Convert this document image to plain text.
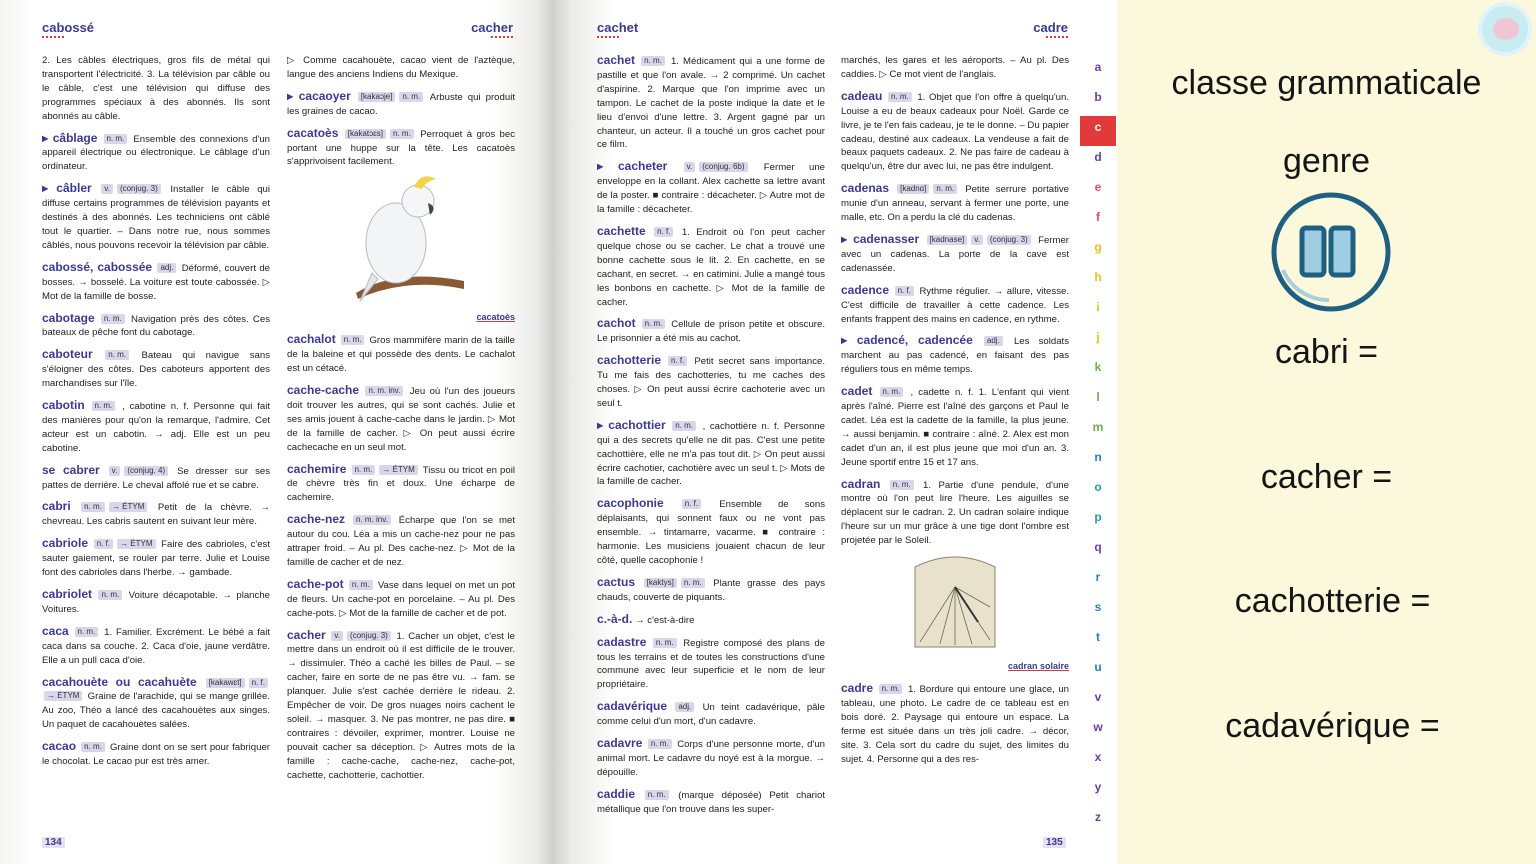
cabossé	cacher	cachet	cadre
2. Les câbles électriques, gros fils de métal qui transportent l'électricité. 3. La télévision par câble ou le câble, c'est une télévision qui diffuse des programmes spéciaux à des abonnés. Ils sont abonnés au câble.
▸ câblage n. m. Ensemble des connexions d'un appareil électrique ou électronique. Le câblage d'un ordinateur.
▸ câbler v. (conjug. 3) Installer le câble qui diffuse certains programmes de télévision payants et destinés à des abonnés. Les techniciens ont câblé tout le quartier. – Dans notre rue, nous sommes câblés, nous pouvons recevoir la télévision par câble.
cabossé, cabossée adj. Déformé, couvert de bosses. → bosselé. La voiture est toute cabossée. ▷ Mot de la famille de bosse.
cabotage n. m. Navigation près des côtes. Ces bateaux de pêche font du cabotage.
caboteur n. m. Bateau qui navigue sans s'éloigner des côtes. Des caboteurs apportent des marchandises sur l'île.
cabotin n. m. , cabotine n. f. Personne qui fait des manières pour qu'on la remarque, l'admire. Cet acteur est un cabotin. → adj. Elle est un peu cabotine.
se cabrer v. (conjug. 4) Se dresser sur ses pattes de derrière. Le cheval affolé rue et se cabre.
cabri n. m. → ÉTYM Petit de la chèvre. → chevreau. Les cabris sautent en suivant leur mère.
cabriole n. f. → ÉTYM Faire des cabrioles, c'est sauter gaiement, se rouler par terre. Julie et Louise font des cabrioles dans l'herbe. → gambade.
cabriolet n. m. Voiture décapotable. → planche Voitures.
caca n. m. 1. Familier. Excrément. Le bébé a fait caca dans sa couche. 2. Caca d'oie, jaune verdâtre. Elle a un pull caca d'oie.
cacahouète ou cacahuète [kakawɛt] n. f.→ ÉTYM Graine de l'arachide, qui se mange grillée. Au zoo, Théo a lancé des cacahouètes aux singes. Un paquet de cacahouètes salées.
cacao n. m. Graine dont on se sert pour fabriquer le chocolat. Le cacao pur est très amer.
▷ Comme cacahouète, cacao vient de l'aztèque, langue des anciens Indiens du Mexique.
▸ cacaoyer [kakaɔje] n. m. Arbuste qui produit les graines de cacao.
cacatoès [kakatɔɛs] n. m. Perroquet à gros bec portant une huppe sur la tête. Les cacatoès s'apprivoisent facilement.
cacatoès
cachalot n. m. Gros mammifère marin de la taille de la baleine et qui possède des dents. Le cachalot est un cétacé.
cache-cache n. m. inv. Jeu où l'un des joueurs doit trouver les autres, qui se sont cachés. Julie et ses amis jouent à cache-cache dans le jardin. ▷ Mot de la famille de cacher. ▷ On peut aussi écrire cachecache en un seul mot.
cachemire n. m. → ÉTYM Tissu ou tricot en poil de chèvre très fin et doux. Une écharpe de cachemire.
cache-nez n. m. inv. Écharpe que l'on se met autour du cou. Léa a mis un cache-nez pour ne pas attraper froid. – Au pl. Des cache-nez. ▷ Mot de la famille de cacher et de nez.
cache-pot n. m. Vase dans lequel on met un pot de fleurs. Un cache-pot en porcelaine. – Au pl. Des cache-pots. ▷ Mot de la famille de cacher et de pot.
cacher v. (conjug. 3) 1. Cacher un objet, c'est le mettre dans un endroit où il est difficile de le trouver. → dissimuler. Théo a caché les billes de Paul. – se cacher, faire en sorte de ne pas être vu. → fam. se planquer. Julie s'est cachée derrière le rideau. 2. Empêcher de voir. De gros nuages noirs cachent le soleil. → masquer. 3. Ne pas montrer, ne pas dire. ■ contraires : dévoiler, exprimer, montrer. Louise ne pouvait cacher sa déception. ▷ Autres mots de la famille : cache-cache, cache-nez, cache-pot, cachette, cachotterie, cachottier.
cachet n. m. 1. Médicament qui a une forme de pastille et que l'on avale. → 2 comprimé. Un cachet d'aspirine. 2. Marque que l'on imprime avec un tampon. Le cachet de la poste indique la date et le lieu d'envoi d'une lettre. 3. Argent gagné par un chanteur, un acteur. Il a touché un gros cachet pour ce film.
▸ cacheter v. (conjug. 6b) Fermer une enveloppe en la collant. Alex cachette sa lettre avant de la poster. ■ contraire : décacheter. ▷ Autre mot de la famille : décacheter.
cachette n. f. 1. Endroit où l'on peut cacher quelque chose ou se cacher. Le chat a trouvé une bonne cachette sous le lit. 2. En cachette, en se cachant, en secret. → en catimini. Julie a mangé tous les bonbons en cachette. ▷ Mot de la famille de cacher.
cachot n. m. Cellule de prison petite et obscure. Le prisonnier a été mis au cachot.
cachotterie n. f. Petit secret sans importance. Tu me fais des cachotteries, tu me caches des choses. ▷ On peut aussi écrire cachoterie avec un seul t.
▸ cachottier n. m. , cachottière n. f. Personne qui a des secrets qu'elle ne dit pas. C'est une petite cachottière, elle ne m'a pas tout dit. ▷ On peut aussi écrire cachotier, cachotière avec un seul t. ▷ Mots de la famille de cacher.
cacophonie	n. f. Ensemble de sons déplaisants, qui sonnent faux ou ne vont pas ensemble. → tintamarre, vacarme. ■ contraire : harmonie. Les musiciens jouaient chacun de leur côté, quelle cacophonie !
cactus [kaktys] n. m. Plante grasse des pays chauds, couverte de piquants.
c.-à-d. → c'est-à-dire
cadastre n. m. Registre composé des plans de tous les terrains et de toutes les constructions d'une commune avec leur superficie et le nom de leur propriétaire.
cadavérique adj. Un teint cadavérique, pâle comme celui d'un mort, d'un cadavre.
cadavre n. m. Corps d'une personne morte, d'un animal mort. Le cadavre du noyé est à la morgue. → dépouille.
caddie n. m. (marque déposée) Petit chariot métallique que l'on trouve dans les super-
marchés, les gares et les aéroports. – Au pl. Des caddies. ▷ Ce mot vient de l'anglais.
cadeau n. m. 1. Objet que l'on offre à quelqu'un. Louise a eu de beaux cadeaux pour Noël. Garde ce livre, je te l'en fais cadeau, je te le donne. – Du papier cadeau, destiné aux cadeaux. La vendeuse a fait de beaux paquets cadeaux. 2. Ne pas faire de cadeau à quelqu'un, être dur avec lui, ne pas être indulgent.
cadenas [kadnɑ] n. m. Petite serrure portative munie d'un anneau, servant à fermer une porte, une malle, etc. On a perdu la clé du cadenas.
▸ cadenasser [kadnase] v. (conjug. 3) Fermer avec un cadenas. La porte de la cave est cadenassée.
cadence n. f. Rythme régulier. → allure, vitesse. C'est difficile de travailler à cette cadence. Les enfants frappent des mains en cadence, en rythme.
▸ cadencé, cadencée adj. Les soldats marchent au pas cadencé, en faisant des pas réguliers tous en même temps.
cadet n. m. , cadette n. f. 1. L'enfant qui vient après l'aîné. Pierre est l'aîné des garçons et Paul le cadet. Léa est la cadette de la famille, la plus jeune. → aussi benjamin. ■ contraire : aîné. 2. Alex est mon cadet d'un an, il est plus jeune que moi d'un an. 3. Jeune sportif entre 15 et 17 ans.
cadran n. m. 1. Partie d'une pendule, d'une montre où l'on peut lire l'heure. Les aiguilles se déplacent sur le cadran. 2. Un cadran solaire indique l'heure sur un mur grâce à une tige dont l'ombre est projetée par le Soleil.
cadran solaire
cadre n. m. 1. Bordure qui entoure une glace, un tableau, une photo. Le cadre de ce tableau est en bois doré. 2. Paysage qui entoure un espace. La ferme est située dans un très joli cadre. → décor, site. 3. Cela sort du cadre du sujet, des limites du sujet. 4. Personne qui a des res-
134	135
a
b
c
d
e
f
g
h
i
j
k
l
m
n
o
p
q
r
s
t
u
v
w
x
y
z
classe grammaticale
genre
cabri =
cacher =
cachotterie =
cadavérique =
